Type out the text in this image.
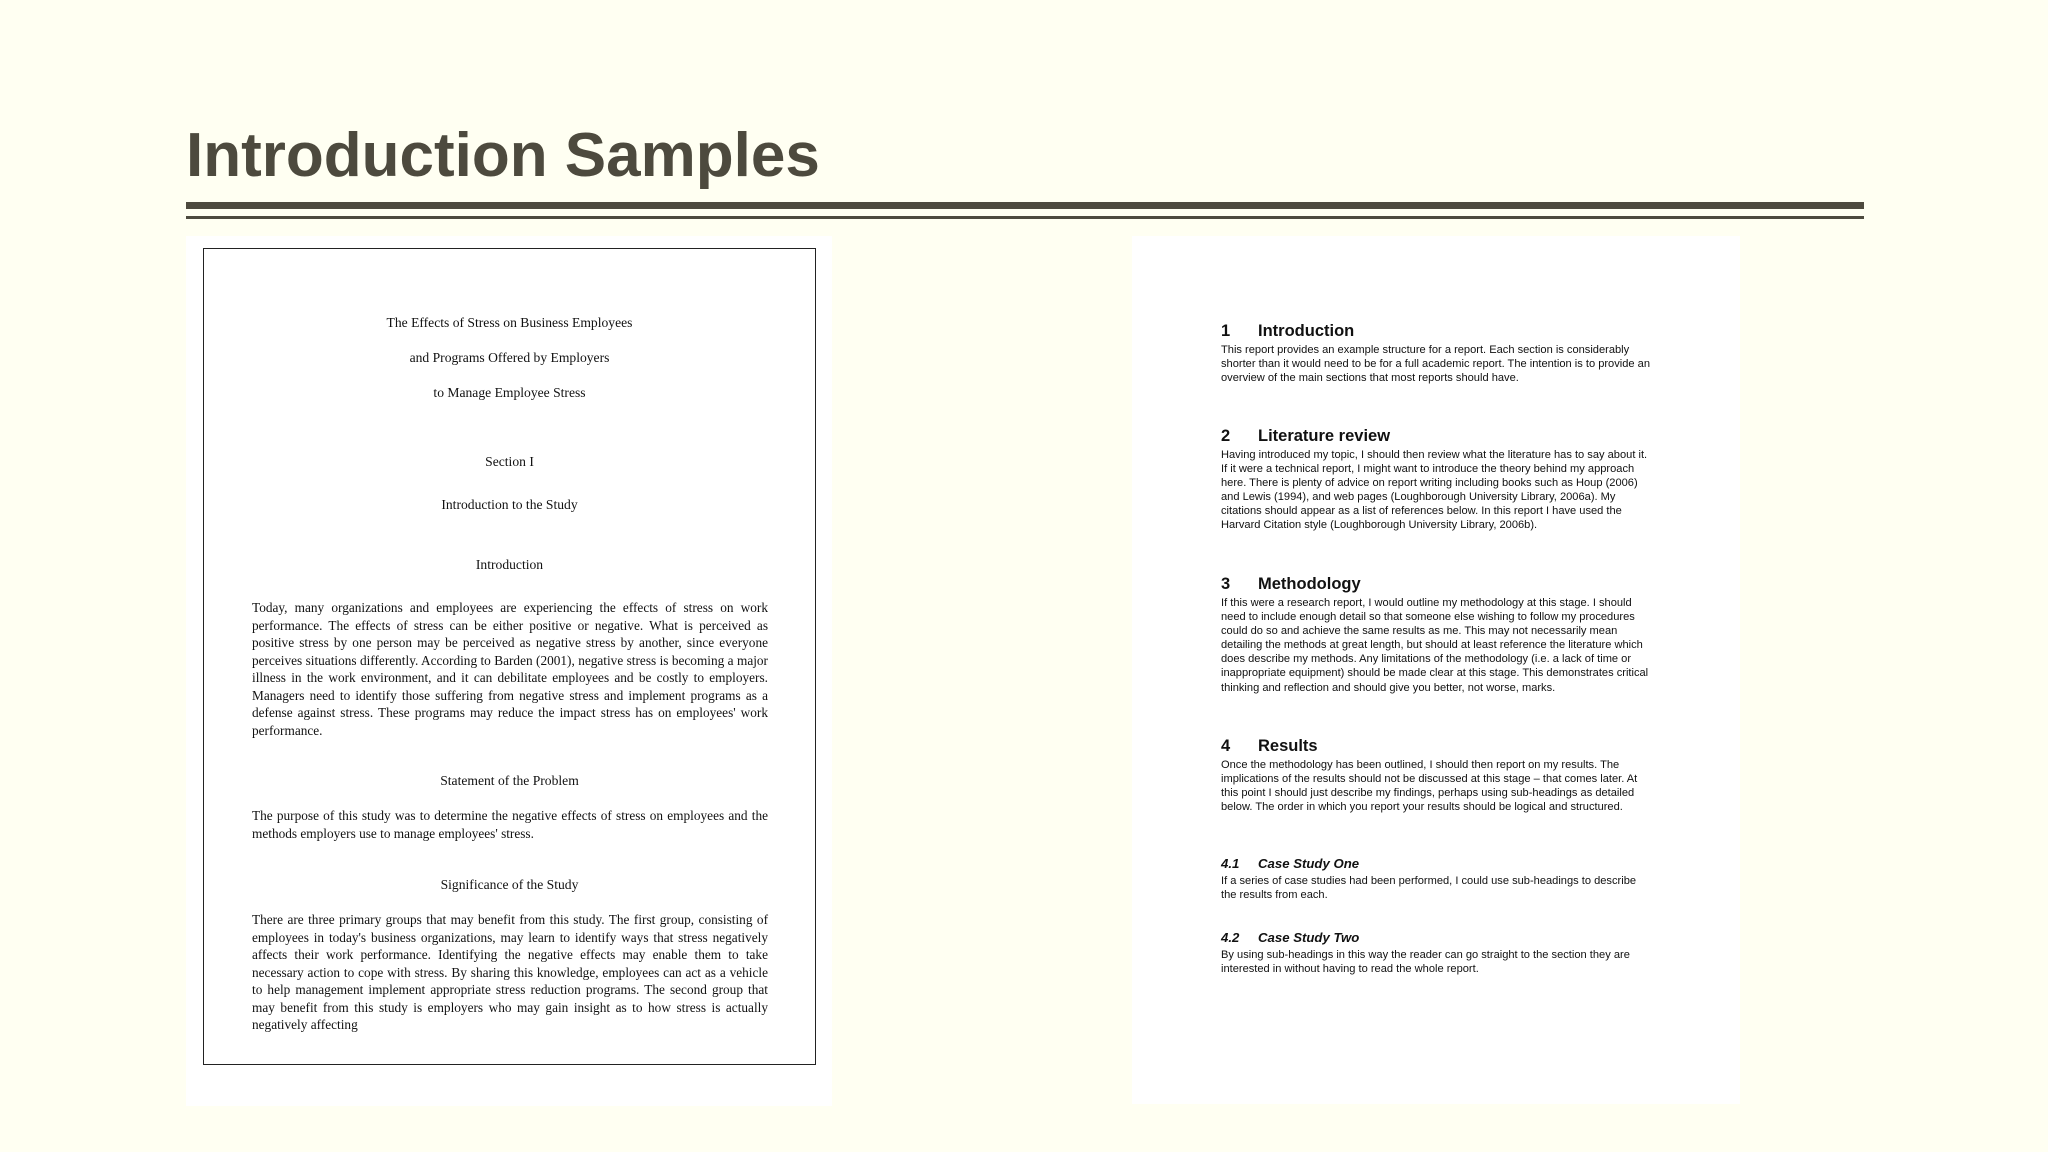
Introduction Samples
The Effects of Stress on Business Employees
and Programs Offered by Employers
to Manage Employee Stress
Section I
Introduction to the Study
Introduction
Today, many organizations and employees are experiencing the effects of stress on work performance. The effects of stress can be either positive or negative. What is perceived as positive stress by one person may be perceived as negative stress by another, since everyone perceives situations differently. According to Barden (2001), negative stress is becoming a major illness in the work environment, and it can debilitate employees and be costly to employers. Managers need to identify those suffering from negative stress and implement programs as a defense against stress. These programs may reduce the impact stress has on employees' work performance.
Statement of the Problem
The purpose of this study was to determine the negative effects of stress on employees and the methods employers use to manage employees' stress.
Significance of the Study
There are three primary groups that may benefit from this study. The first group, consisting of employees in today's business organizations, may learn to identify ways that stress negatively affects their work performance. Identifying the negative effects may enable them to take necessary action to cope with stress. By sharing this knowledge, employees can act as a vehicle to help management implement appropriate stress reduction programs. The second group that may benefit from this study is employers who may gain insight as to how stress is actually negatively affecting
1 Introduction

This report provides an example structure for a report. Each section is considerably shorter than it would need to be for a full academic report. The intention is to provide an overview of the main sections that most reports should have.

2 Literature review

Having introduced my topic, I should then review what the literature has to say about it. If it were a technical report, I might want to introduce the theory behind my approach here. There is plenty of advice on report writing including books such as Houp (2006) and Lewis (1994), and web pages (Loughborough University Library, 2006a). My citations should appear as a list of references below. In this report I have used the Harvard Citation style (Loughborough University Library, 2006b).

3 Methodology

If this were a research report, I would outline my methodology at this stage. I should need to include enough detail so that someone else wishing to follow my procedures could do so and achieve the same results as me. This may not necessarily mean detailing the methods at great length, but should at least reference the literature which does describe my methods. Any limitations of the methodology (i.e. a lack of time or inappropriate equipment) should be made clear at this stage. This demonstrates critical thinking and reflection and should give you better, not worse, marks.

4 Results

Once the methodology has been outlined, I should then report on my results. The implications of the results should not be discussed at this stage – that comes later. At this point I should just describe my findings, perhaps using sub-headings as detailed below. The order in which you report your results should be logical and structured.

4.1 Case Study One

If a series of case studies had been performed, I could use sub-headings to describe the results from each.

4.2 Case Study Two

By using sub-headings in this way the reader can go straight to the section they are interested in without having to read the whole report.
